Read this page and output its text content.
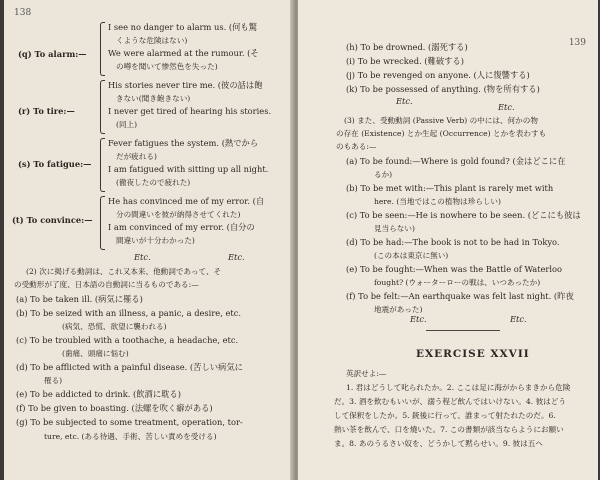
138
(q) To alarm:—
I see no danger to alarm us. (何も驚
くような危険はない)
We were alarmed at the rumour. (そ
の噂を聞いて惨然色を失った)
(r) To tire:—
His stories never tire me. (彼の話は飽
きない(聞き飽きない)
I never get tired of hearing his stories.
(同上)
(s) To fatigue:—
Fever fatigues the system. (熱でから
だが疲れる)
I am fatigued with sitting up all night.
(徹夜したので疲れた)
(t) To convince:—
He has convinced me of my error. (自
分の間違いを彼が納得させてくれた)
I am convinced of my error. (自分の
間違いが十分わかった)
Etc.	Etc.
(2) 次に掲げる動詞は、これ又本来、他動詞であって、そ
の受動形が了度、日本語の自動詞に当るものである:—
(a) To be taken ill. (病気に罹る)
(b) To be seized with an illness, a panic, a desire, etc.
(病気、恐慌、欲望に襲われる)
(c) To be troubled with a toothache, a headache, etc.
(歯痛、頭痛に悩む)
(d) To be afflicted with a painful disease. (苦しい病気に
罹る)
(e) To be addicted to drink. (飲酒に耽る)
(f) To be given to boasting. (法螺を吹く癖がある)
(g) To be subjected to some treatment, operation, tor-
ture, etc. (ある待遇、手術、苦しい責めを受ける)
139
(h) To be drowned. (溺死する)
(i) To be wrecked. (難破する)
(j) To be revenged on anyone. (人に復讐する)
(k) To be possessed of anything. (物を所有する)
Etc.
Etc.
(3) また、受動動詞 (Passive Verb) の中には、何かの物
の存在 (Existence) とか生起 (Occurrence) とかを表わすも
のもある:—
(a) To be found:—Where is gold found? (金はどこに在
るか)
(b) To be met with:—This plant is rarely met with
here. (当地ではこの植物は珍らしい)
(c) To be seen:—He is nowhere to be seen. (どこにも彼は
見当らない)
(d) To be had:—The book is not to be had in Tokyo.
(この本は東京に無い)
(e) To be fought:—When was the Battle of Waterloo
fought? (ウォーターローの戦は、いつあったか)
(f) To be felt:—An earthquake was felt last night. (昨夜
地震があった)
Etc.	Etc.
EXERCISE XXVII
英訳せよ:—
1. 君はどうして叱られたか。2. ここは足に海がからまきから危険
だ。3. 酒を飲むもいいが、溺う程ど飲んではいけない。4. 彼はどう
して保釈をしたか。5. 銃後に行って、誰まって射たれたのだ。6.
熱い茶を飲んで、口を燒いた。7. この書類が該当ならようにお願い
ま。8. あのうるさい奴を、どうかして黙らせい。9. 彼は五ヘ
